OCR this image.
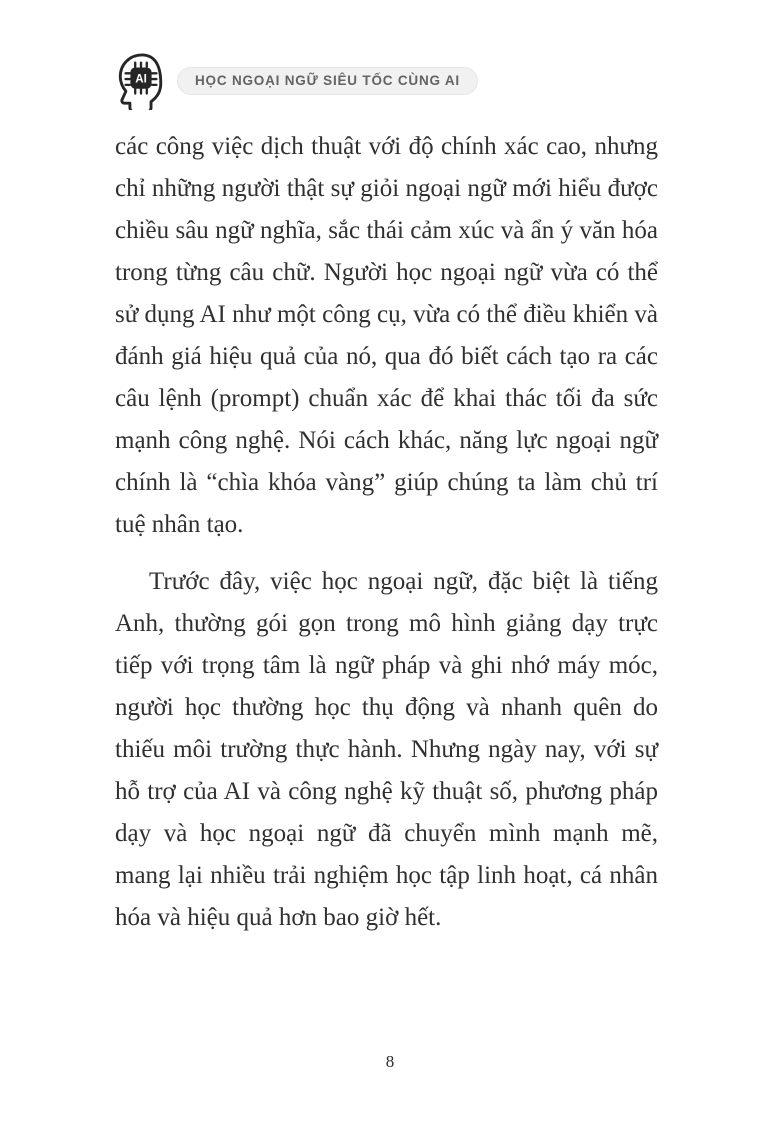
AI	HỌC NGOẠI NGỮ SIÊU TỐC CÙNG AI

các công việc dịch thuật với độ chính xác cao, nhưng chỉ những người thật sự giỏi ngoại ngữ mới hiểu được chiều sâu ngữ nghĩa, sắc thái cảm xúc và ẩn ý văn hóa trong từng câu chữ. Người học ngoại ngữ vừa có thể sử dụng AI như một công cụ, vừa có thể điều khiển và đánh giá hiệu quả của nó, qua đó biết cách tạo ra các câu lệnh (prompt) chuẩn xác để khai thác tối đa sức mạnh công nghệ. Nói cách khác, năng lực ngoại ngữ chính là “chìa khóa vàng” giúp chúng ta làm chủ trí tuệ nhân tạo.

Trước đây, việc học ngoại ngữ, đặc biệt là tiếng Anh, thường gói gọn trong mô hình giảng dạy trực tiếp với trọng tâm là ngữ pháp và ghi nhớ máy móc, người học thường học thụ động và nhanh quên do thiếu môi trường thực hành. Nhưng ngày nay, với sự hỗ trợ của AI và công nghệ kỹ thuật số, phương pháp dạy và học ngoại ngữ đã chuyển mình mạnh mẽ, mang lại nhiều trải nghiệm học tập linh hoạt, cá nhân hóa và hiệu quả hơn bao giờ hết.

8
